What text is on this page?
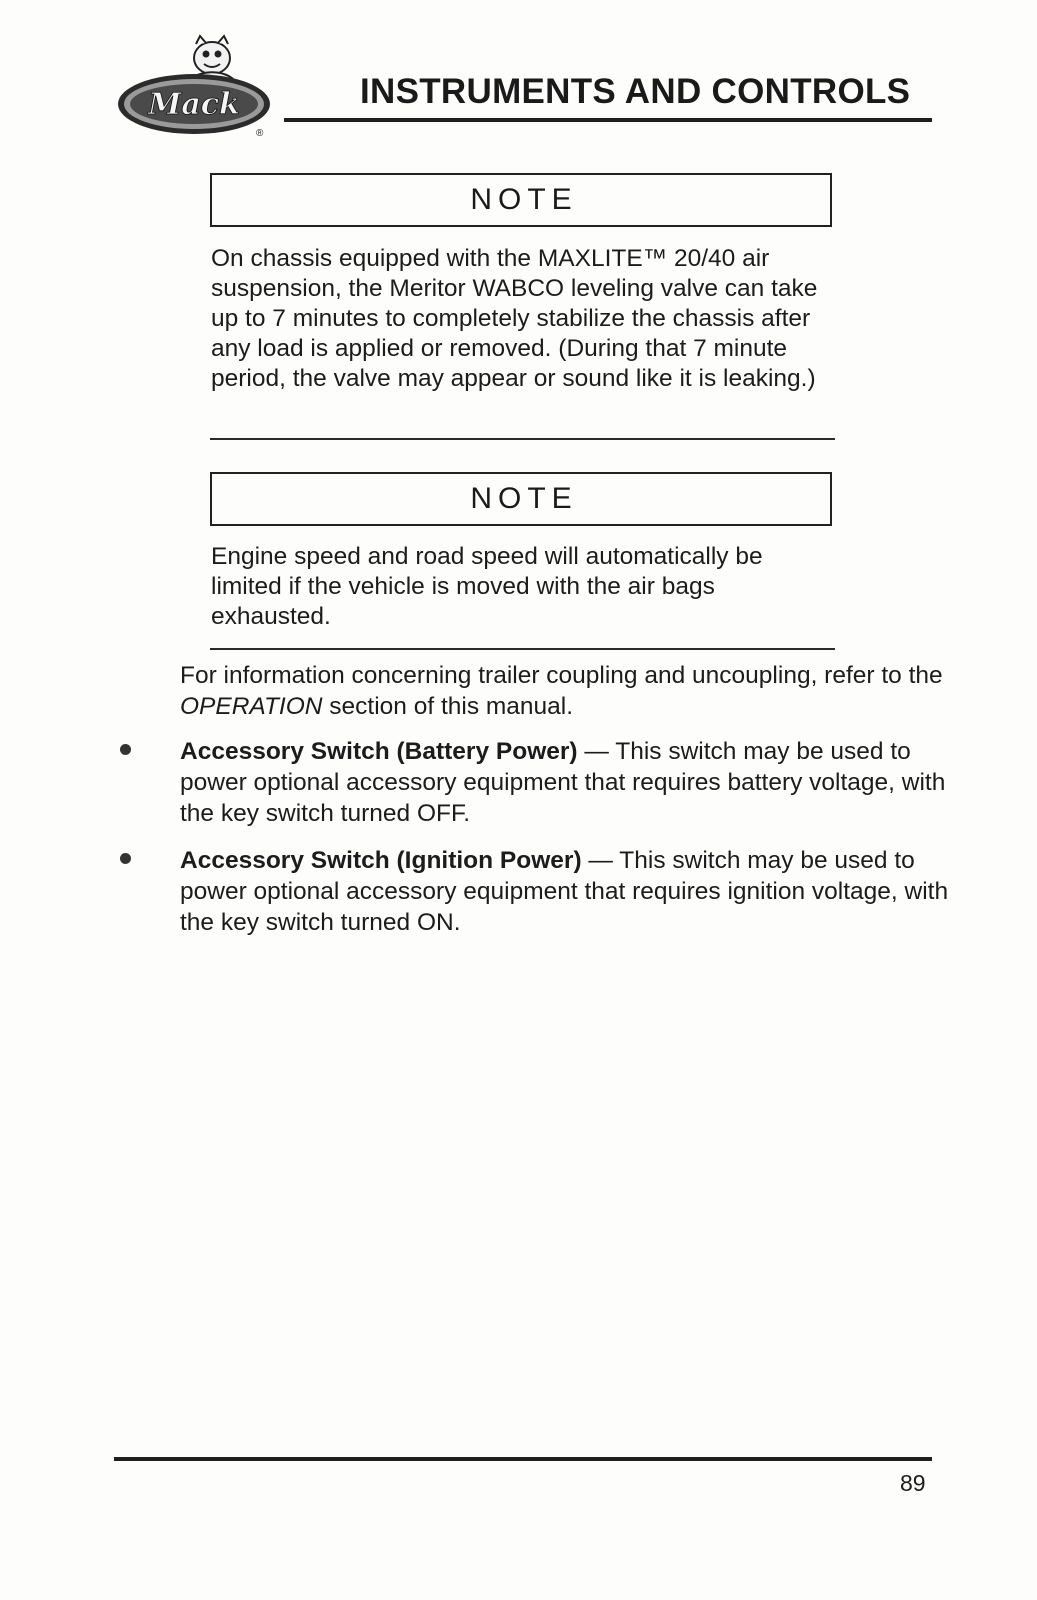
Mack
®
INSTRUMENTS AND CONTROLS
NOTE
On chassis equipped with the MAXLITE™ 20/40 air suspension, the Meritor WABCO leveling valve can take up to 7 minutes to completely stabilize the chassis after any load is applied or removed. (During that 7 minute period, the valve may appear or sound like it is leaking.)
NOTE
Engine speed and road speed will automatically be limited if the vehicle is moved with the air bags exhausted.
For information concerning trailer coupling and uncoupling, refer to the OPERATION section of this manual.
Accessory Switch (Battery Power) — This switch may be used to power optional accessory equipment that requires battery voltage, with the key switch turned OFF.
Accessory Switch (Ignition Power) — This switch may be used to power optional accessory equipment that requires ignition voltage, with the key switch turned ON.
89
